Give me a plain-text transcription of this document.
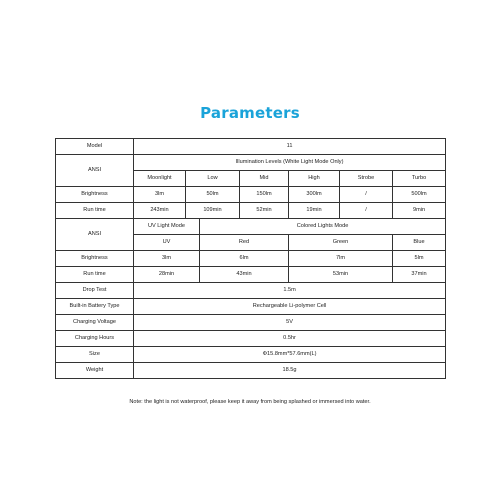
Parameters
Model	11						
ANSI	Illumination Levels (White Light Mode Only)						
	Moonlight	Low		Mid	High	Strobe	Turbo
Brightness	3lm	50lm		150lm	300lm	/	500lm
Run time	243min	109min		52min	19min	/	9min
ANSI	UV Light Mode		Colored Lights Mode				
	UV		Red		Green		Blue
Brightness	3lm		6lm		7lm		5lm
Run time	28min		43min		53min		37min
Drop Test	1.5m						
Built-in Battery Type	Rechargeable Li-polymer Cell						
Charging Voltage	5V						
Charging Hours	0.5hr						
Size	Φ15.8mm*57.6mm(L)						
Weight	18.5g						
Note: the light is not waterproof, please keep it away from being splashed or immersed into water.
